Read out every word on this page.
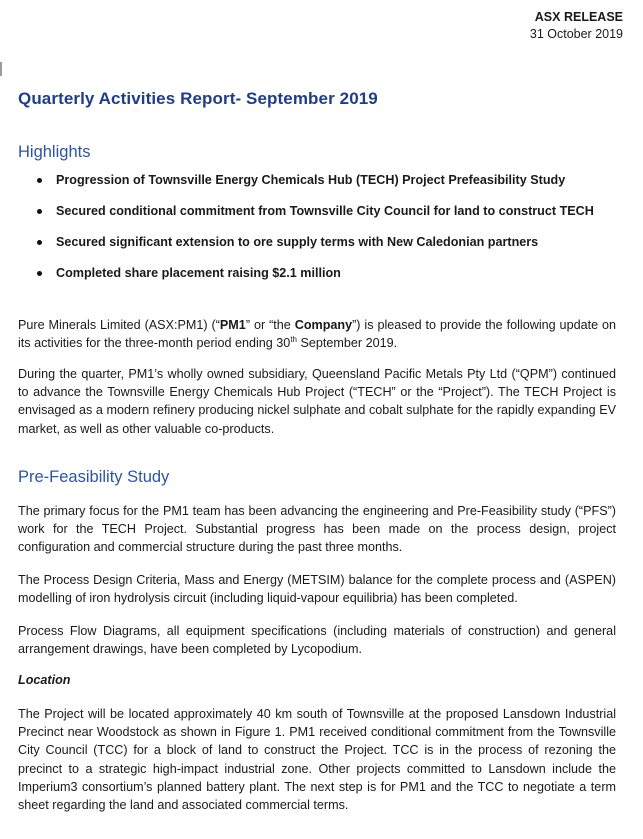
ASX RELEASE
31 October 2019
Quarterly Activities Report- September 2019
Highlights
Progression of Townsville Energy Chemicals Hub (TECH) Project Prefeasibility Study
Secured conditional commitment from Townsville City Council for land to construct TECH
Secured significant extension to ore supply terms with New Caledonian partners
Completed share placement raising $2.1 million

Pure Minerals Limited (ASX:PM1) (“PM1” or “the Company”) is pleased to provide the following update on its activities for the three-month period ending 30th September 2019.

During the quarter, PM1’s wholly owned subsidiary, Queensland Pacific Metals Pty Ltd (“QPM”) continued to advance the Townsville Energy Chemicals Hub Project (“TECH” or the “Project”). The TECH Project is envisaged as a modern refinery producing nickel sulphate and cobalt sulphate for the rapidly expanding EV market, as well as other valuable co-products.

Pre-Feasibility Study

The primary focus for the PM1 team has been advancing the engineering and Pre-Feasibility study (“PFS”) work for the TECH Project. Substantial progress has been made on the process design, project configuration and commercial structure during the past three months.

The Process Design Criteria, Mass and Energy (METSIM) balance for the complete process and (ASPEN) modelling of iron hydrolysis circuit (including liquid-vapour equilibria) has been completed.

Process Flow Diagrams, all equipment specifications (including materials of construction) and general arrangement drawings, have been completed by Lycopodium.

Location

The Project will be located approximately 40 km south of Townsville at the proposed Lansdown Industrial Precinct near Woodstock as shown in Figure 1. PM1 received conditional commitment from the Townsville City Council (TCC) for a block of land to construct the Project. TCC is in the process of rezoning the precinct to a strategic high-impact industrial zone. Other projects committed to Lansdown include the Imperium3 consortium’s planned battery plant. The next step is for PM1 and the TCC to negotiate a term sheet regarding the land and associated commercial terms.
